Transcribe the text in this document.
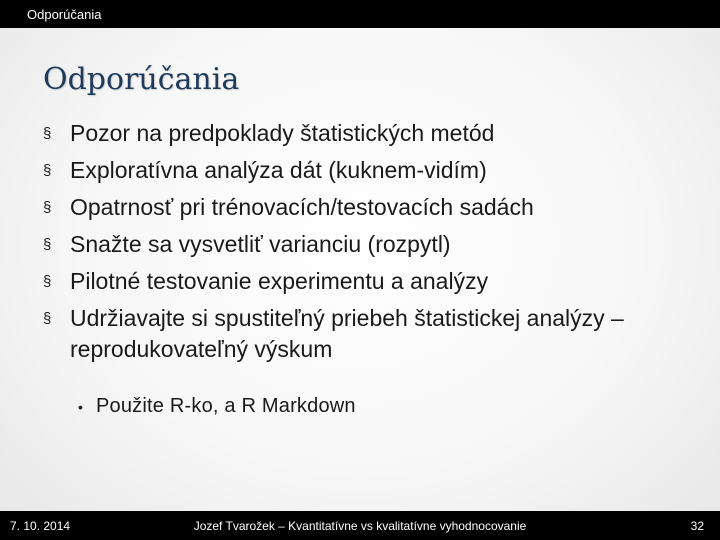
Odporúčania
Odporúčania
§ Pozor na predpoklady štatistických metód
§ Exploratívna analýza dát (kuknem-vidím)
§ Opatrnosť pri trénovacích/testovacích sadách
§ Snažte sa vysvetliť varianciu (rozpytl)
§ Pilotné testovanie experimentu a analýzy
§ Udržiavajte si spustiteľný priebeh štatistickej analýzy – reprodukovateľný výskum
• Použite R-ko, a R Markdown
7. 10. 2014	Jozef Tvarožek – Kvantitatívne vs kvalitatívne vyhodnocovanie	32
